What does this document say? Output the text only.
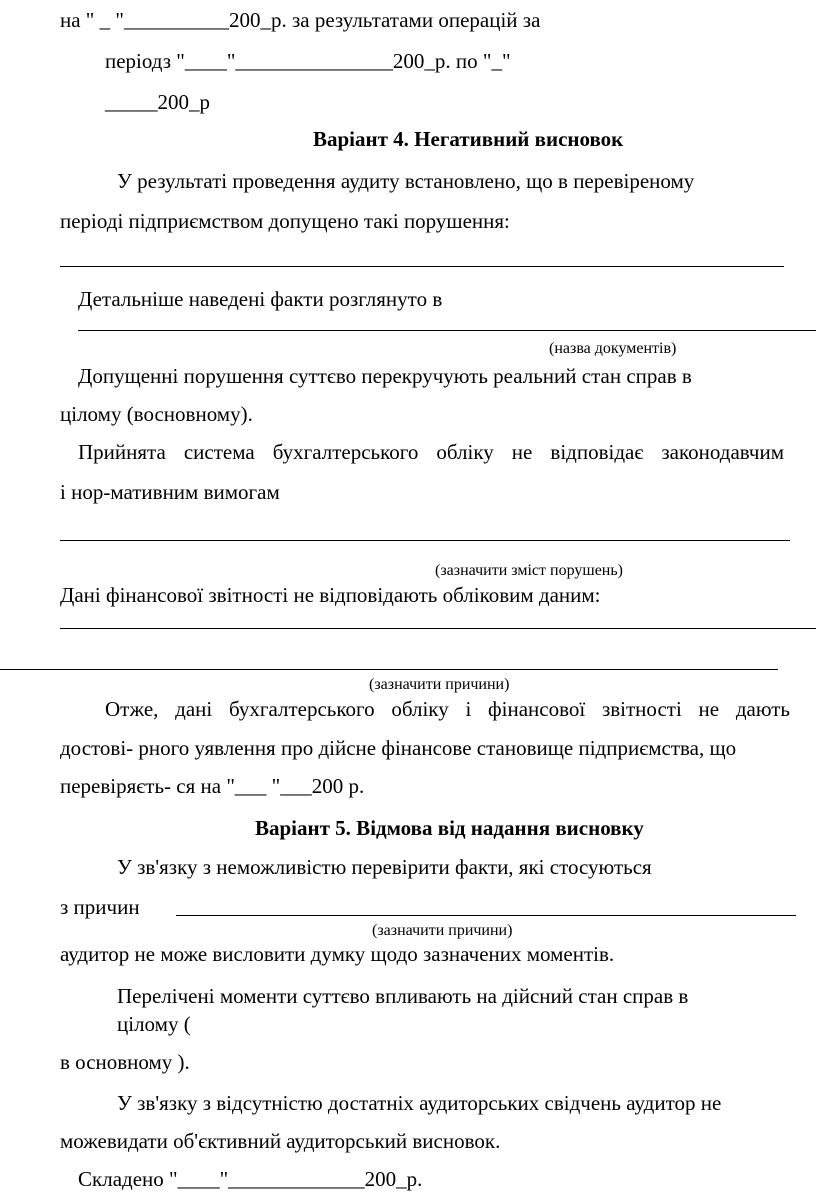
на " _ "__________200_р. за результатами операцій за
періодз "____"_______________200_р. по "_"
_____200_р
Варіант 4. Негативний висновок
У результаті проведення аудиту встановлено, що в перевіреному
періоді підприємством допущено такі порушення:
Детальніше наведені факти розглянуто в
(назва документів)
Допущенні порушення суттєво перекручують реальний стан справ в
цілому (восновному).
Прийнята система бухгалтерського обліку не відповідає законодавчим
і нор-мативним вимогам
(зазначити зміст порушень)
Дані фінансової звітності не відповідають обліковим даним:
(зазначити причини)
Отже, дані бухгалтерського обліку і фінансової звітності не дають
достові- рного уявлення про дійсне фінансове становище підприємства, що
перевіряєть- ся на "___ "___200 р.
Варіант 5. Відмова від надання висновку
У зв'язку з неможливістю перевірити факти, які стосуються
з причин
(зазначити причини)
аудитор не може висловити думку щодо зазначених моментів.
Перелічені моменти суттєво впливають на дійсний стан справ в
цілому (
в основному ).
У зв'язку з відсутністю достатніх аудиторських свідчень аудитор не
можевидати об'єктивний аудиторський висновок.
Складено "____"_____________200_р.
